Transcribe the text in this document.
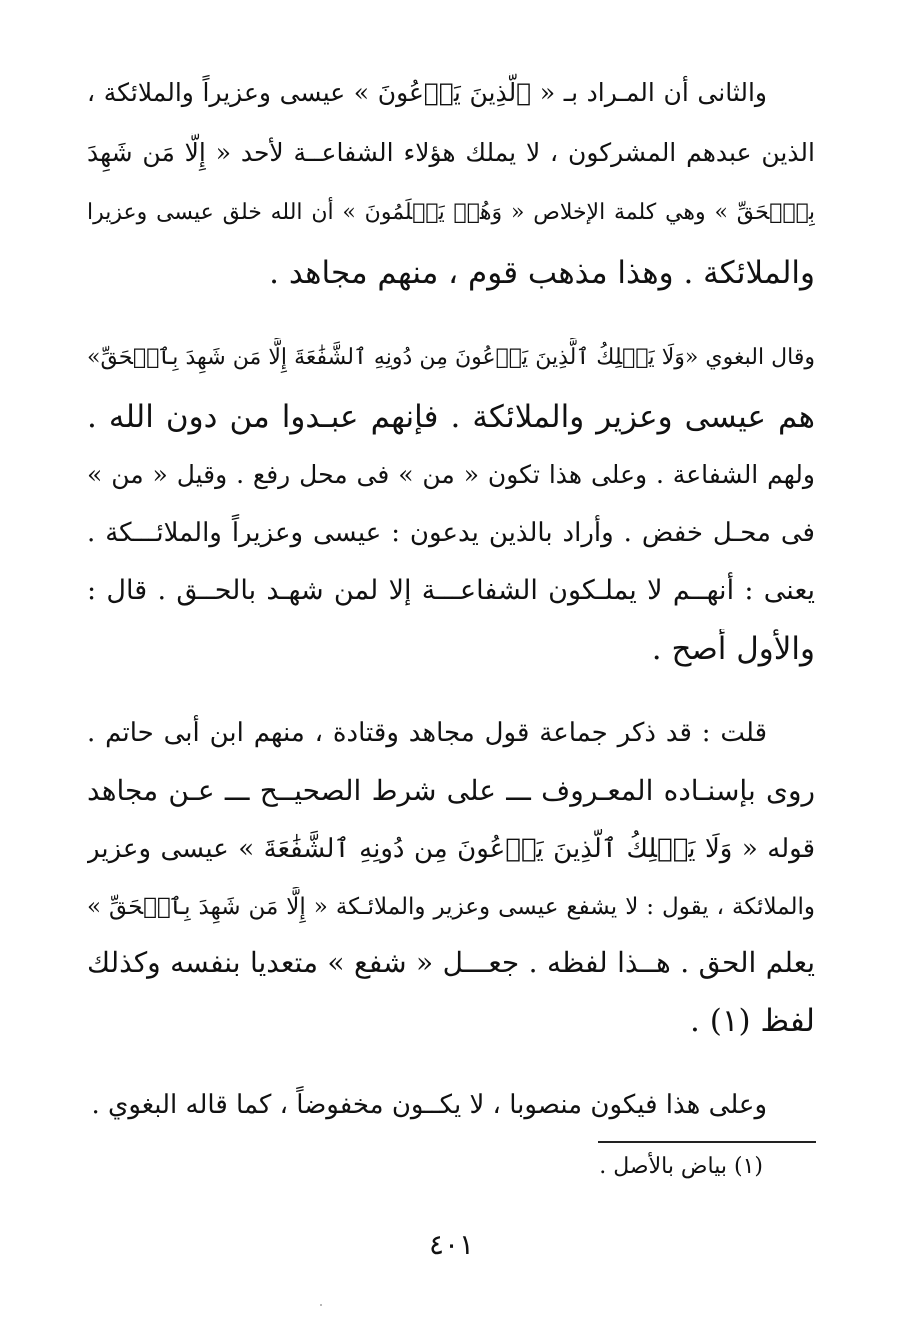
والثانى أن المـراد بـ « ٱلَّذِينَ يَدۡعُونَ » عيسى وعزيراً والملائكة ،
الذين عبدهم المشركون ، لا يملك هؤلاء الشفاعــة لأحد « إِلَّا مَن شَهِدَ
بِٱلۡحَقِّ » وهي كلمة الإخلاص « وَهُمۡ يَعۡلَمُونَ » أن الله خلق عيسى وعزيرا
والملائكة . وهذا مذهب قوم ، منهم مجاهد .
وقال البغوي «وَلَا يَمۡلِكُ ٱلَّذِينَ يَدۡعُونَ مِن دُونِهِ ٱلشَّفَٰعَةَ إِلَّا مَن شَهِدَ بِٱلۡحَقِّ»
هم عيسى وعزير والملائكة . فإنهم عبـدوا من دون الله .
ولهم الشفاعة . وعلى هذا تكون « من » فى محل رفع . وقيل « من »
فى محـل خفض . وأراد بالذين يدعون : عيسى وعزيراً والملائـــكة .
يعنى : أنهــم لا يملـكون الشفاعـــة إلا لمن شهـد بالحــق . قال :
والأول أصح .
قلت : قد ذكر جماعة قول مجاهد وقتادة ، منهم ابن أبى حاتم .
روى بإسنـاده المعـروف ـــ على شرط الصحيــح ـــ عـن مجاهد
قوله « وَلَا يَمۡلِكُ ٱلَّذِينَ يَدۡعُونَ مِن دُونِهِ ٱلشَّفَٰعَةَ » عيسى وعزير
والملائكة ، يقول : لا يشفع عيسى وعزير والملائـكة « إِلَّا مَن شَهِدَ بِٱلۡحَقِّ »
يعلم الحق . هــذا لفظه . جعـــل « شفع » متعديا بنفسه وكذلك
لفظ (١) .
وعلى هذا فيكون منصوبا ، لا يكــون مخفوضاً ، كما قاله البغوي .
(١) بياض بالأصل .
٤٠١
